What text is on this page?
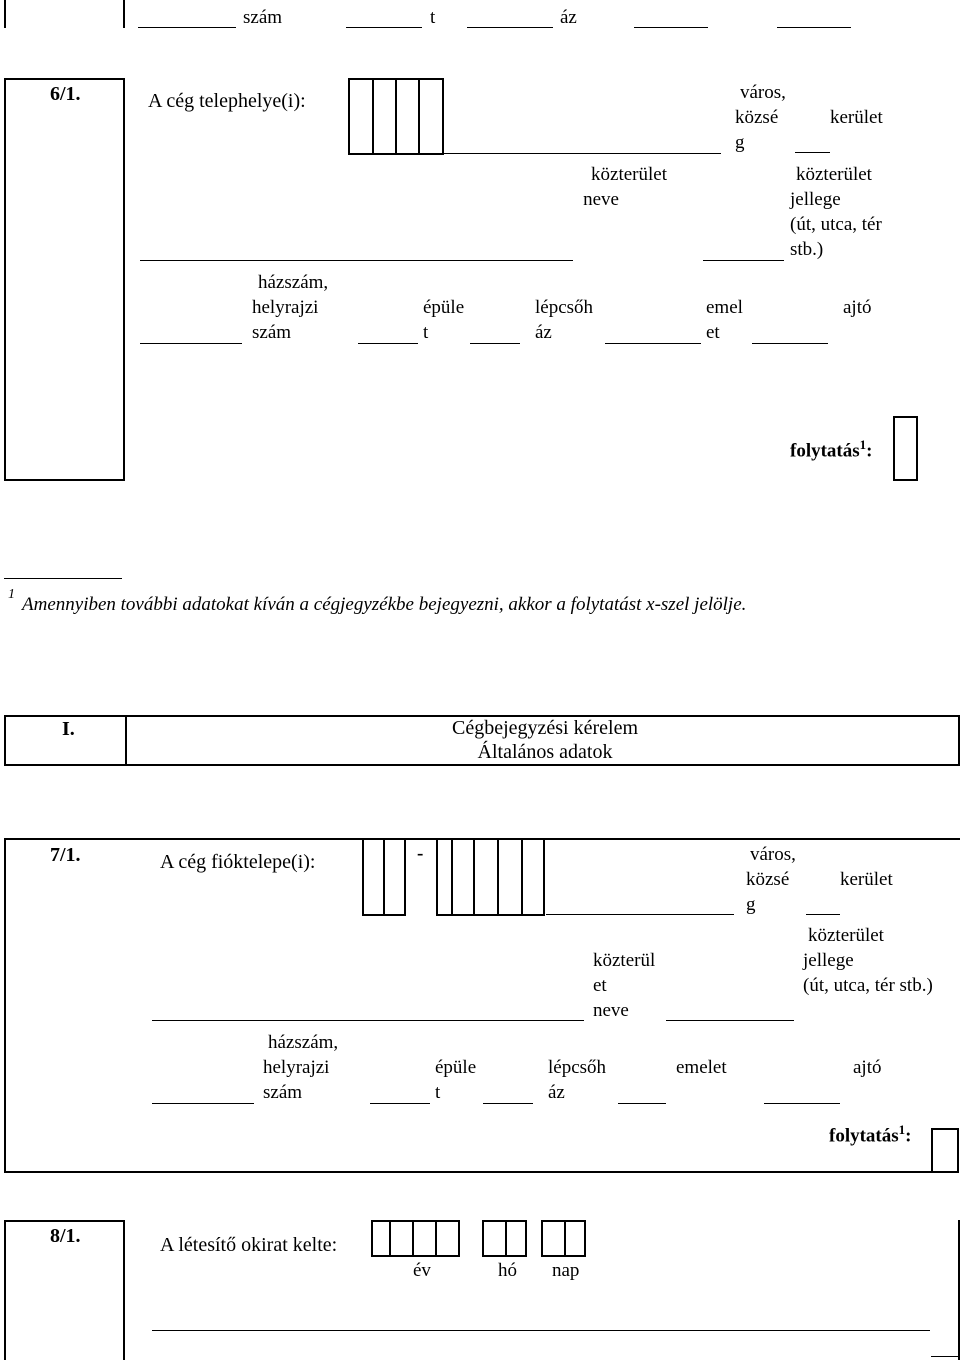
szám	t	áz
6/1.	A cég telephelye(i):	város,
közsé
g
kerület
közterület
neve
közterület
jellege
(út, utca, tér
stb.)
házszám,
helyrajzi
szám
épüle
t
lépcsőh
áz
emel
et
ajtó
folytatás$^1$:
1 Amennyiben további adatokat kíván a cégjegyzékbe bejegyezni, akkor a folytatást x-szel jelölje.
I.	Cégbejegyzési kérelem
Általános adatok
7/1.	A cég fióktelepe(i):	-	város,
közsé
g
kerület
közterület
jellege
(út, utca, tér stb.)
közterül
et
neve
házszám,
helyrajzi
szám
épüle
t
lépcsőh
áz
emelet	ajtó
folytatás$^1$:
8/1.	A létesítő okirat kelte:
év	hó nap
